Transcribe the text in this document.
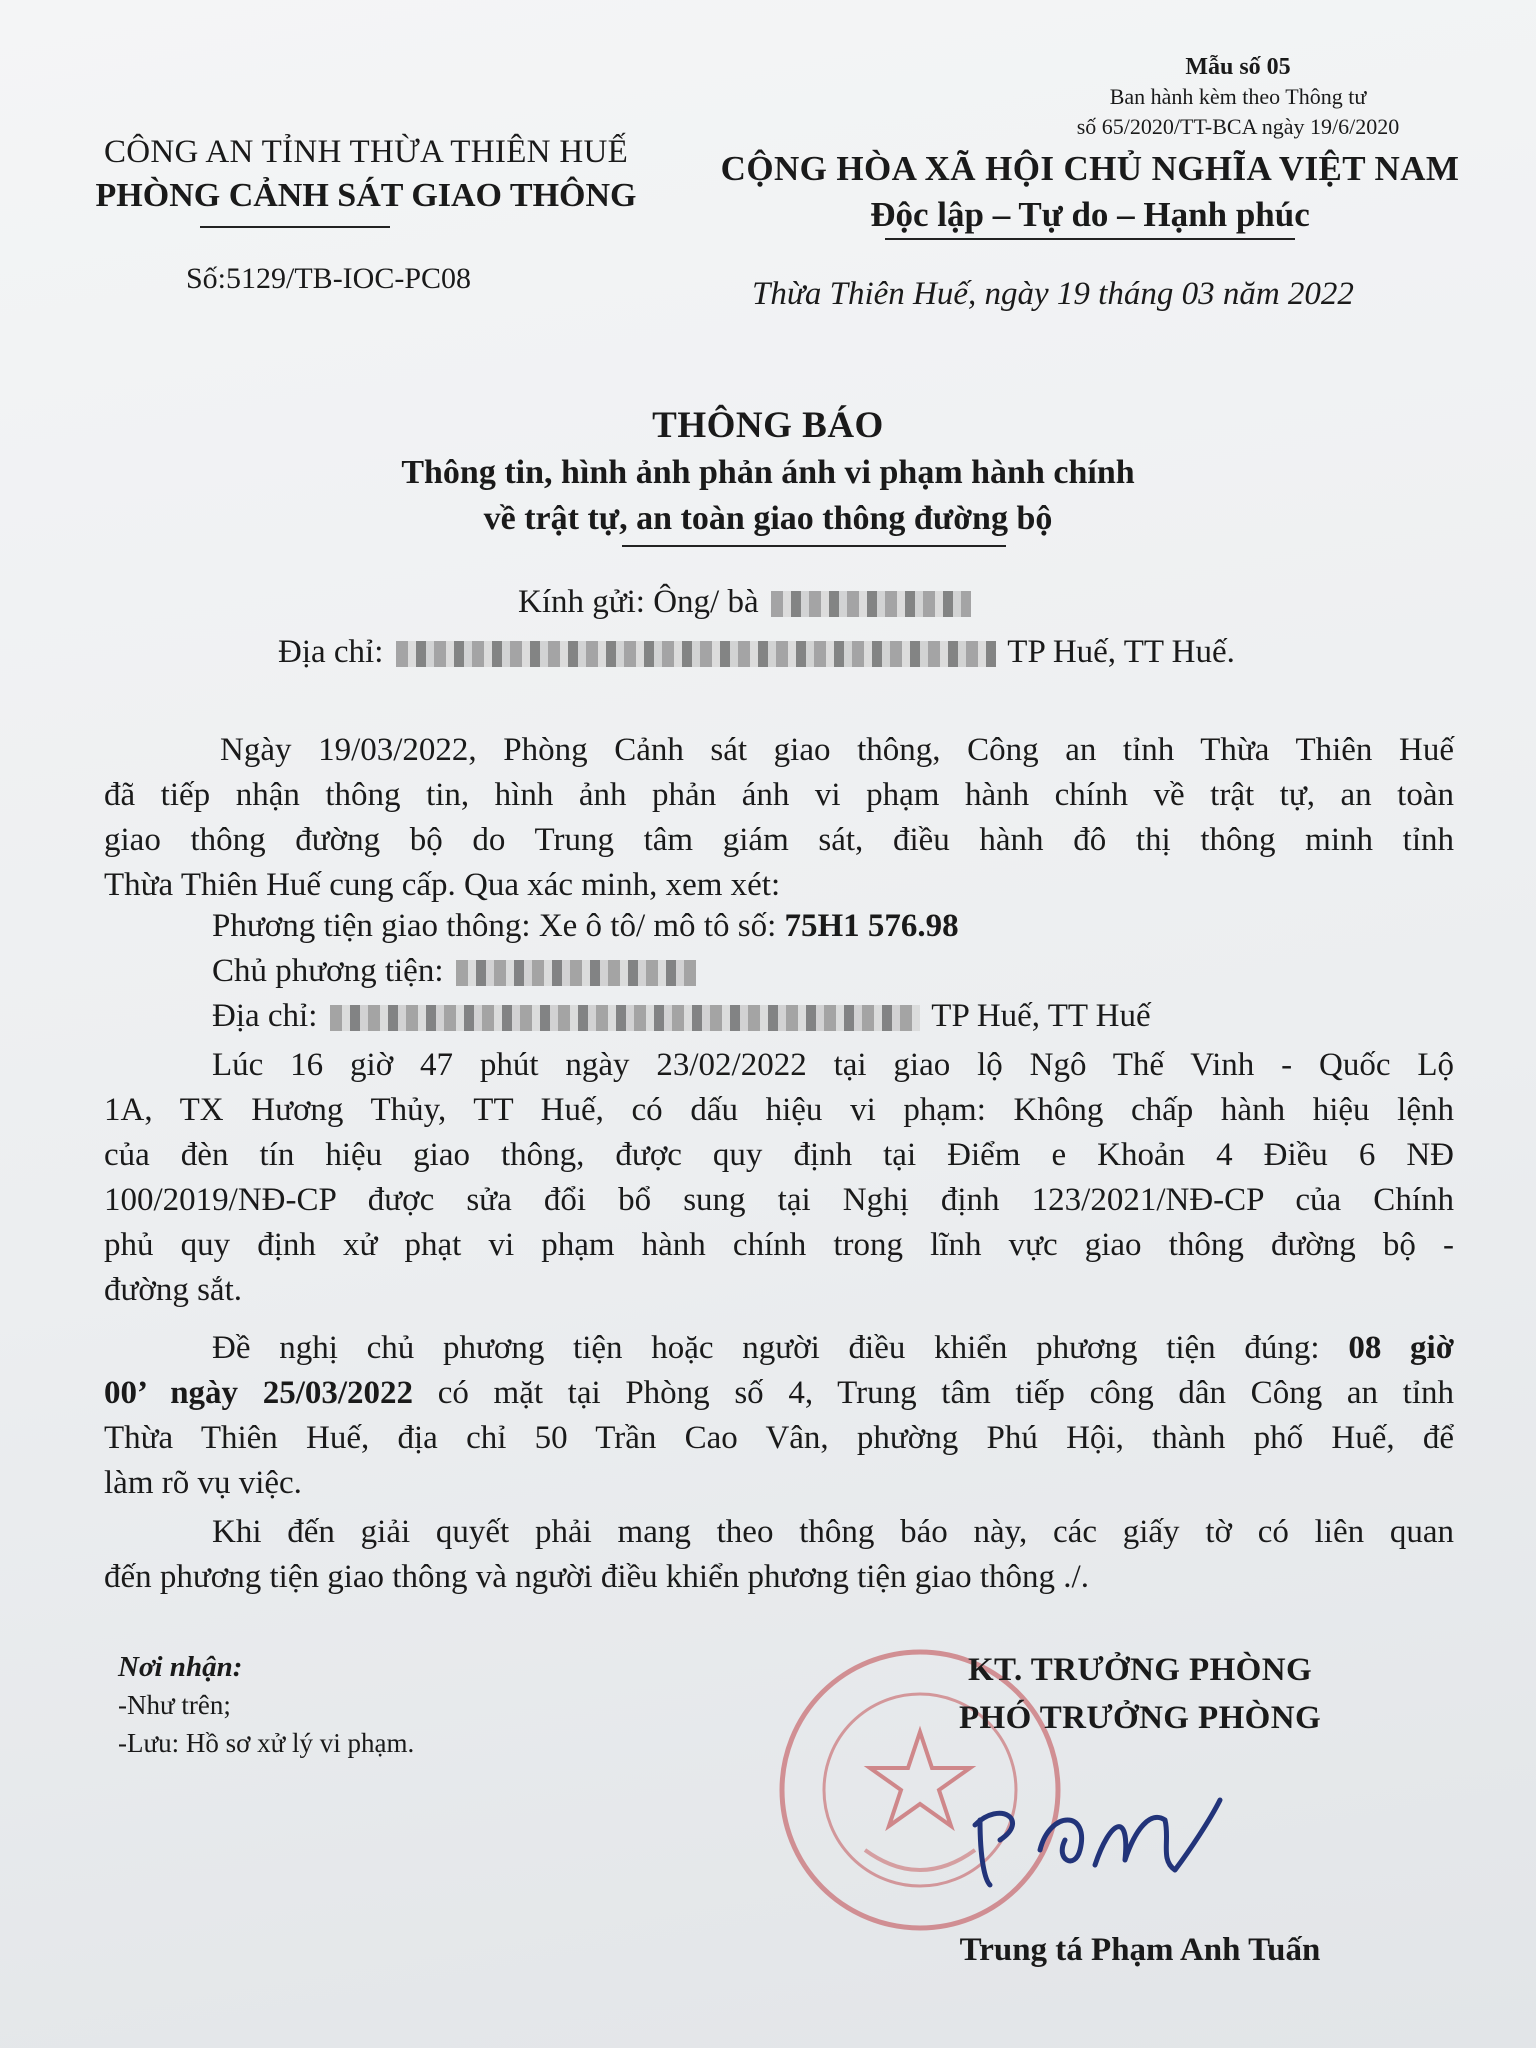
Mẫu số 05
Ban hành kèm theo Thông tư
số 65/2020/TT-BCA ngày 19/6/2020
CÔNG AN TỈNH THỪA THIÊN HUẾ
PHÒNG CẢNH SÁT GIAO THÔNG
Số:5129/TB-IOC-PC08
CỘNG HÒA XÃ HỘI CHỦ NGHĨA VIỆT NAM
Độc lập – Tự do – Hạnh phúc
Thừa Thiên Huế, ngày 19 tháng 03 năm 2022
THÔNG BÁO
Thông tin, hình ảnh phản ánh vi phạm hành chính
về trật tự, an toàn giao thông đường bộ
Kính gửi: Ông/ bà
Địa chỉ:	TP Huế, TT Huế.
Ngày 19/03/2022, Phòng Cảnh sát giao thông, Công an tỉnh Thừa Thiên Huế
đã tiếp nhận thông tin, hình ảnh phản ánh vi phạm hành chính về trật tự, an toàn
giao thông đường bộ do Trung tâm giám sát, điều hành đô thị thông minh tỉnh
Thừa Thiên Huế cung cấp. Qua xác minh, xem xét:
Phương tiện giao thông: Xe ô tô/ mô tô số: 75H1 576.98
Chủ phương tiện:
Địa chỉ:	TP Huế, TT Huế
Lúc 16 giờ 47 phút ngày 23/02/2022 tại giao lộ Ngô Thế Vinh - Quốc Lộ
1A, TX Hương Thủy, TT Huế, có dấu hiệu vi phạm: Không chấp hành hiệu lệnh
của đèn tín hiệu giao thông, được quy định tại Điểm e Khoản 4 Điều 6 NĐ
100/2019/NĐ-CP được sửa đổi bổ sung tại Nghị định 123/2021/NĐ-CP của Chính
phủ quy định xử phạt vi phạm hành chính trong lĩnh vực giao thông đường bộ -
đường sắt.
Đề nghị chủ phương tiện hoặc người điều khiển phương tiện đúng: 08 giờ
00’ ngày 25/03/2022 có mặt tại Phòng số 4, Trung tâm tiếp công dân Công an tỉnh
Thừa Thiên Huế, địa chỉ 50 Trần Cao Vân, phường Phú Hội, thành phố Huế, để
làm rõ vụ việc.
Khi đến giải quyết phải mang theo thông báo này, các giấy tờ có liên quan
đến phương tiện giao thông và người điều khiển phương tiện giao thông ./.
Nơi nhận:
-Như trên;
-Lưu: Hồ sơ xử lý vi phạm.
KT. TRƯỞNG PHÒNG
PHÓ TRƯỞNG PHÒNG
Trung tá Phạm Anh Tuấn
